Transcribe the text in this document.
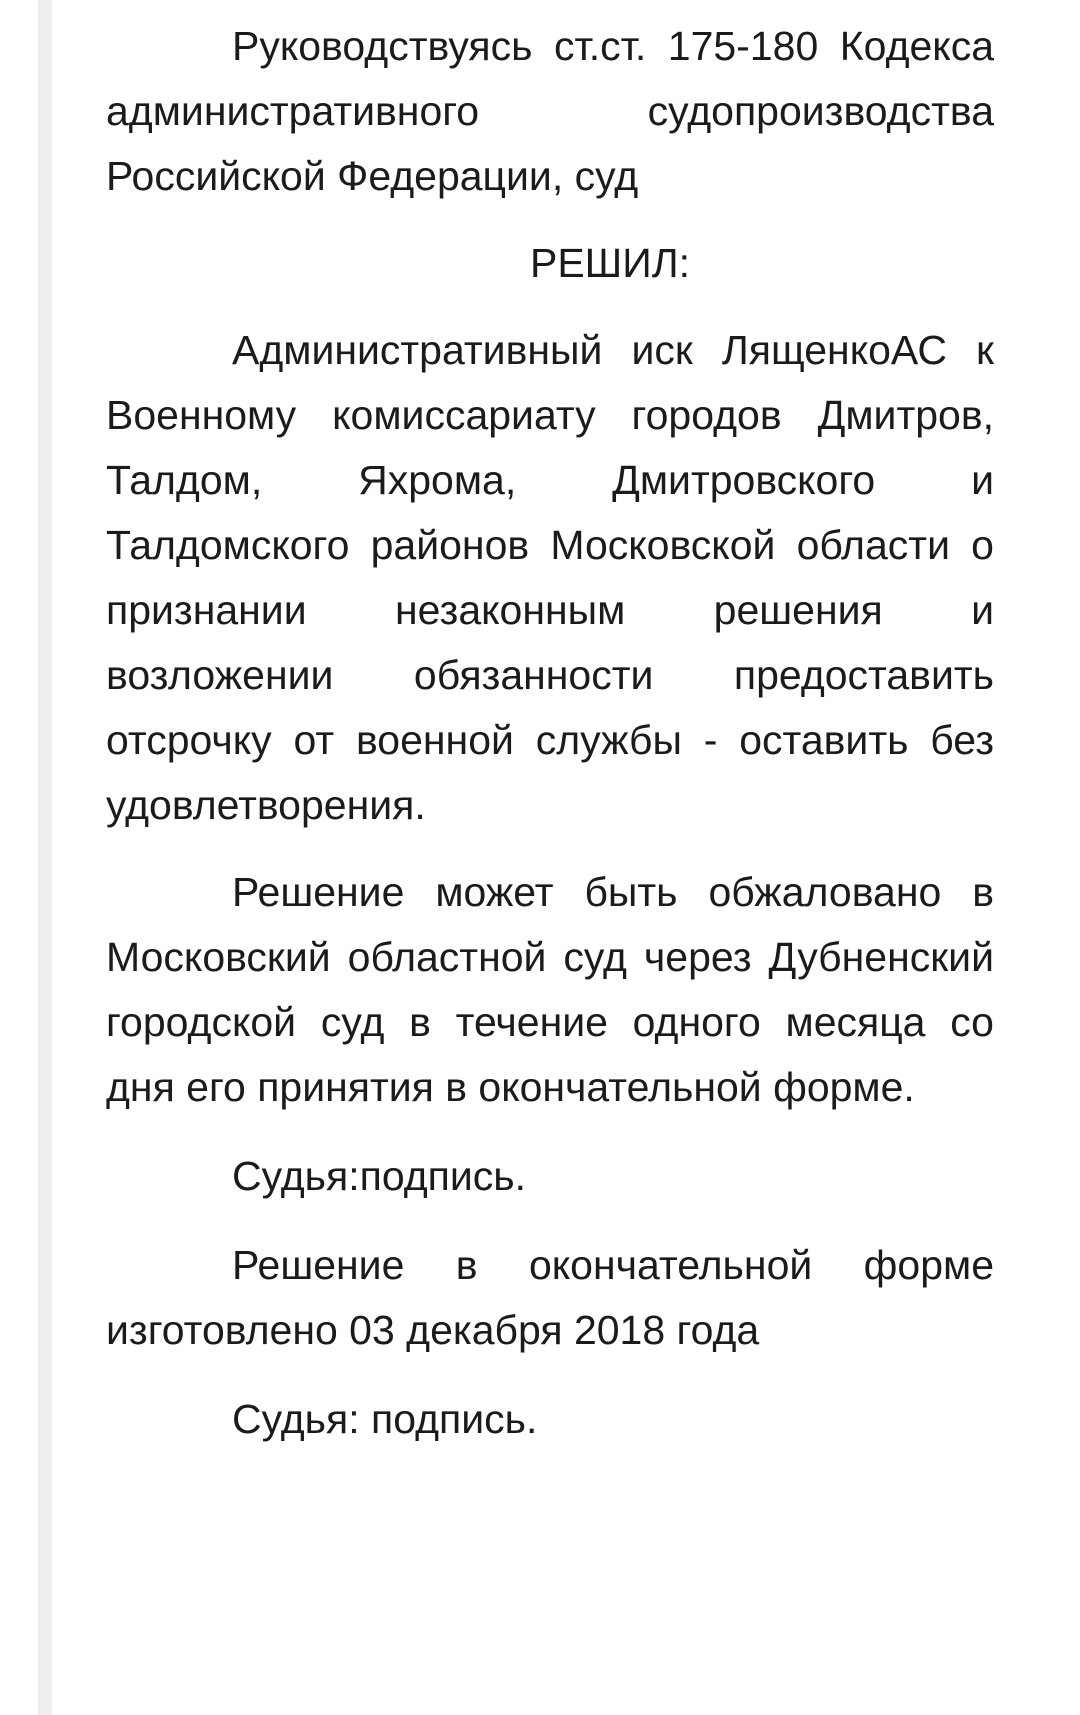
Руководствуясь ст.ст. 175-180 Кодекса административного судопроизводства Российской Федерации, суд

РЕШИЛ:

Административный иск ЛященкоАС к Военному комиссариату городов Дмитров, Талдом, Яхрома, Дмитровского и Талдомского районов Московской области о признании незаконным решения и возложении обязанности предоставить отсрочку от военной службы - оставить без удовлетворения.

Решение может быть обжаловано в Московский областной суд через Дубненский городской суд в течение одного месяца со дня его принятия в окончательной форме.

Судья:подпись.

Решение в окончательной форме изготовлено 03 декабря 2018 года

Судья: подпись.
